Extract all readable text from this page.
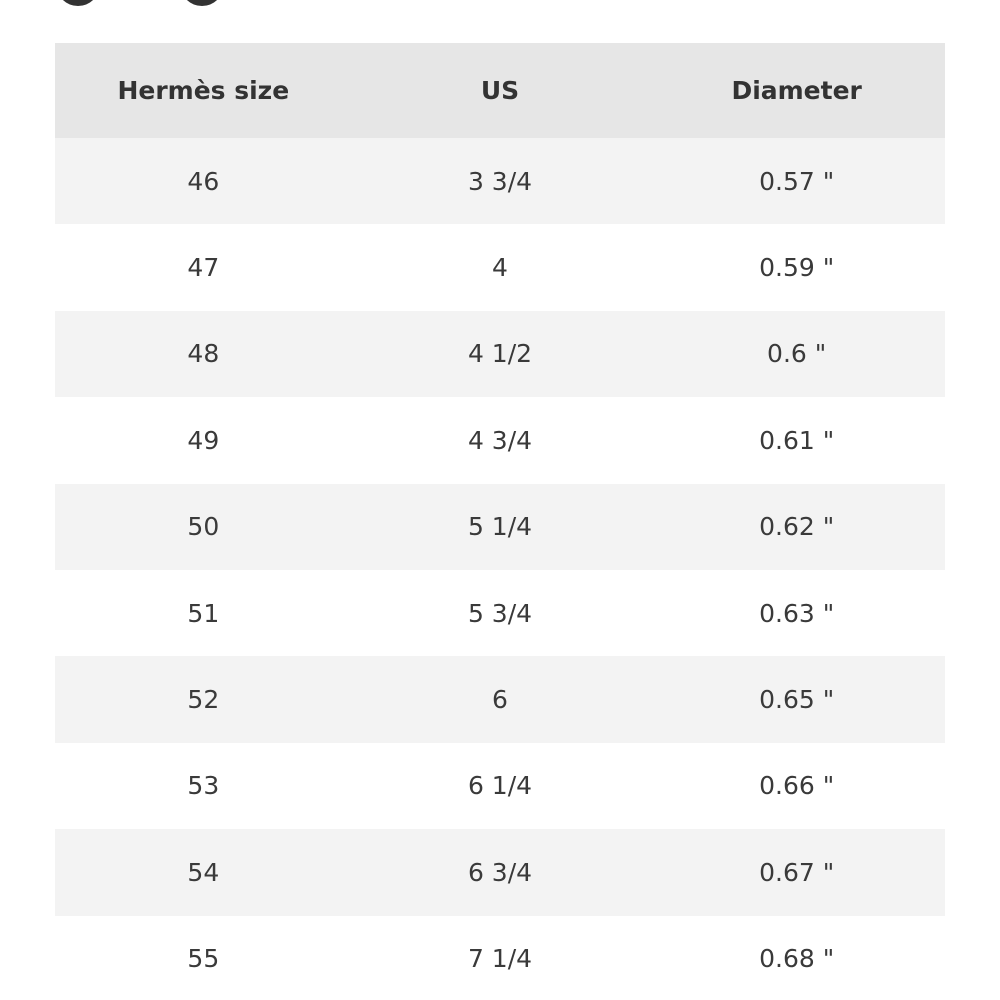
Hermès size	US	Diameter
46	3 3/4	0.57 "
47	4	0.59 "
48	4 1/2	0.6 "
49	4 3/4	0.61 "
50	5 1/4	0.62 "
51	5 3/4	0.63 "
52	6	0.65 "
53	6 1/4	0.66 "
54	6 3/4	0.67 "
55	7 1/4	0.68 "
